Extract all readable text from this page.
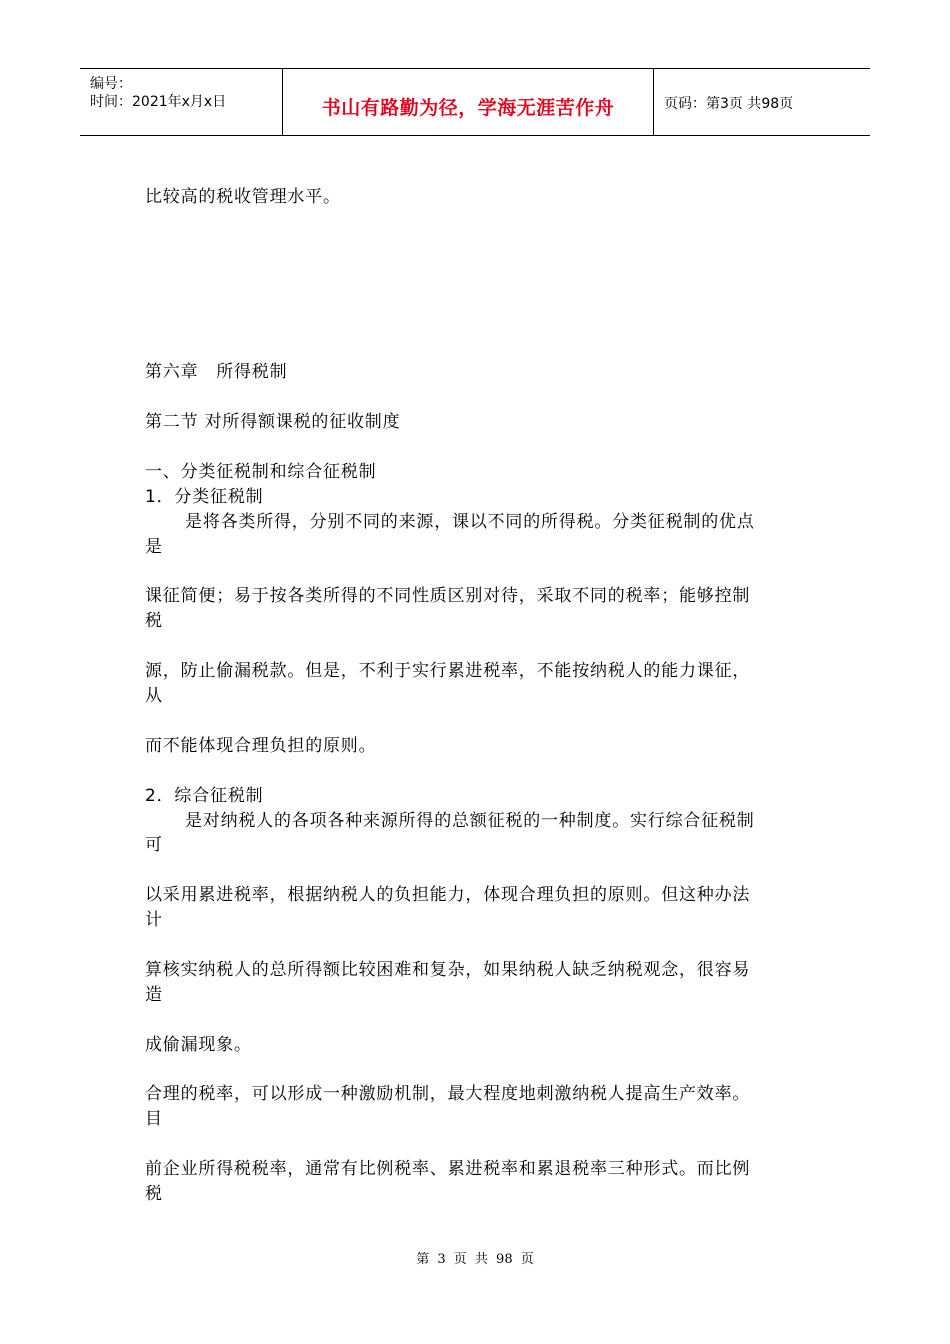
编号：
时间：2021年x月x日	书山有路勤为径，学海无涯苦作舟	页码：第3页 共98页
比较高的税收管理水平。
第六章　所得税制
第二节 对所得额课税的征收制度
一、分类征税制和综合征税制
1．分类征税制
是将各类所得，分别不同的来源，课以不同的所得税。分类征税制的优点
是
课征简便；易于按各类所得的不同性质区别对待，采取不同的税率；能够控制
税
源，防止偷漏税款。但是，不利于实行累进税率，不能按纳税人的能力课征，
从
而不能体现合理负担的原则。
2．综合征税制
是对纳税人的各项各种来源所得的总额征税的一种制度。实行综合征税制
可
以采用累进税率，根据纳税人的负担能力，体现合理负担的原则。但这种办法
计
算核实纳税人的总所得额比较困难和复杂，如果纳税人缺乏纳税观念，很容易
造
成偷漏现象。
合理的税率，可以形成一种激励机制，最大程度地刺激纳税人提高生产效率。
目
前企业所得税税率，通常有比例税率、累进税率和累退税率三种形式。而比例
税
第 3 页 共 98 页
